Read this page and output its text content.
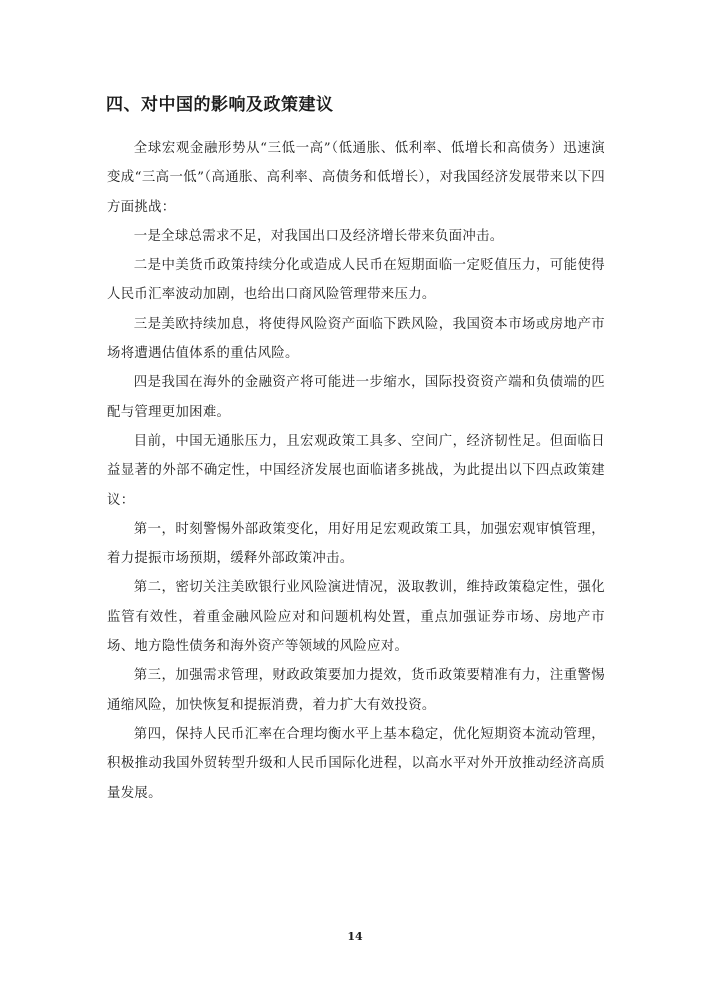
四、对中国的影响及政策建议

全球宏观金融形势从“三低一高”（低通胀、低利率、低增长和高债务）迅速演变成“三高一低”（高通胀、高利率、高债务和低增长），对我国经济发展带来以下四方面挑战：

一是全球总需求不足，对我国出口及经济增长带来负面冲击。

二是中美货币政策持续分化或造成人民币在短期面临一定贬值压力，可能使得人民币汇率波动加剧，也给出口商风险管理带来压力。

三是美欧持续加息，将使得风险资产面临下跌风险，我国资本市场或房地产市场将遭遇估值体系的重估风险。

四是我国在海外的金融资产将可能进一步缩水，国际投资资产端和负债端的匹配与管理更加困难。

目前，中国无通胀压力，且宏观政策工具多、空间广，经济韧性足。但面临日益显著的外部不确定性，中国经济发展也面临诸多挑战，为此提出以下四点政策建议：

第一，时刻警惕外部政策变化，用好用足宏观政策工具，加强宏观审慎管理，着力提振市场预期，缓释外部政策冲击。

第二，密切关注美欧银行业风险演进情况，汲取教训，维持政策稳定性，强化监管有效性，着重金融风险应对和问题机构处置，重点加强证券市场、房地产市场、地方隐性债务和海外资产等领域的风险应对。

第三，加强需求管理，财政政策要加力提效，货币政策要精准有力，注重警惕通缩风险，加快恢复和提振消费，着力扩大有效投资。

第四，保持人民币汇率在合理均衡水平上基本稳定，优化短期资本流动管理，积极推动我国外贸转型升级和人民币国际化进程，以高水平对外开放推动经济高质量发展。

14
